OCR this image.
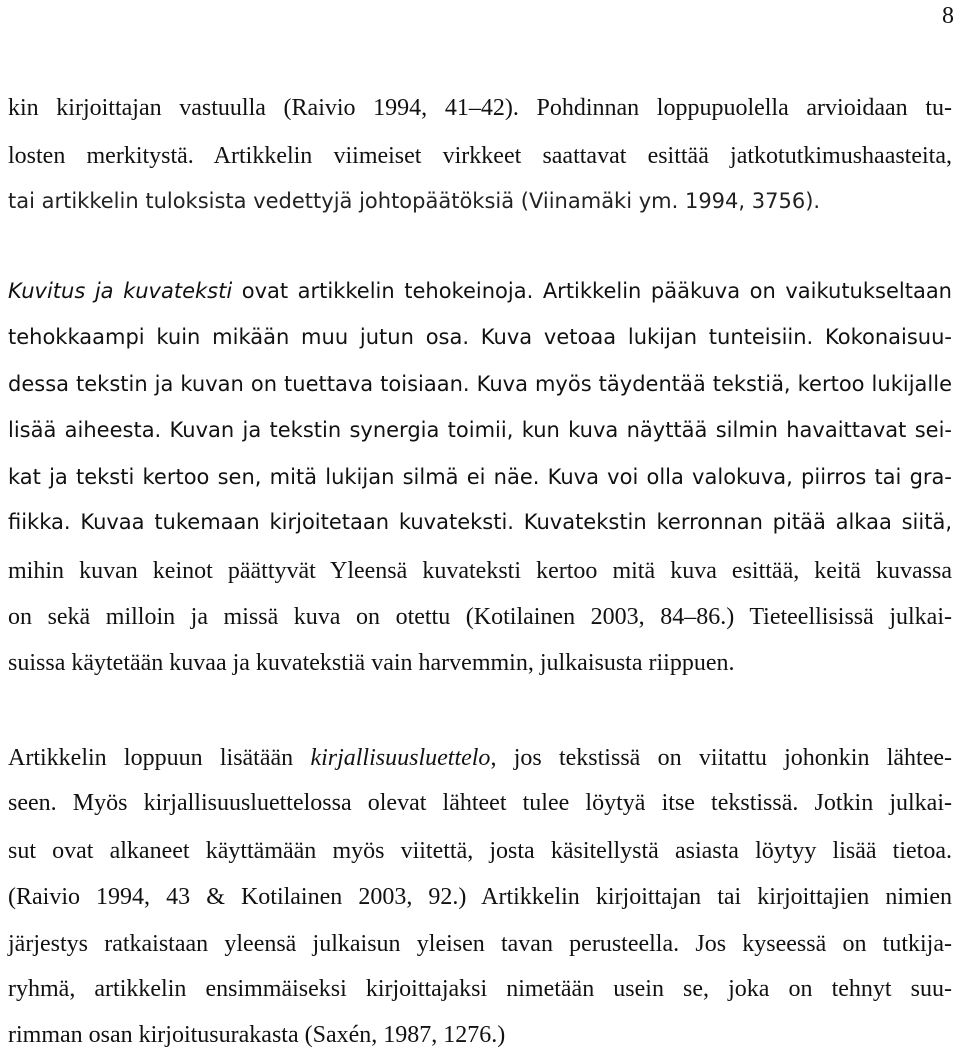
8
kin kirjoittajan vastuulla (Raivio 1994, 41–42). Pohdinnan loppupuolella arvioidaan tu-
losten merkitystä. Artikkelin viimeiset virkkeet saattavat esittää jatkotutkimushaasteita,
tai artikkelin tuloksista vedettyjä johtopäätöksiä (Viinamäki ym. 1994, 3756).
Kuvitus ja kuvateksti ovat artikkelin tehokeinoja. Artikkelin pääkuva on vaikutukseltaan
tehokkaampi kuin mikään muu jutun osa. Kuva vetoaa lukijan tunteisiin. Kokonaisuu-
dessa tekstin ja kuvan on tuettava toisiaan. Kuva myös täydentää tekstiä, kertoo lukijalle
lisää aiheesta. Kuvan ja tekstin synergia toimii, kun kuva näyttää silmin havaittavat sei-
kat ja teksti kertoo sen, mitä lukijan silmä ei näe. Kuva voi olla valokuva, piirros tai gra-
fiikka. Kuvaa tukemaan kirjoitetaan kuvateksti. Kuvatekstin kerronnan pitää alkaa siitä,
mihin kuvan keinot päättyvät Yleensä kuvateksti kertoo mitä kuva esittää, keitä kuvassa
on sekä milloin ja missä kuva on otettu (Kotilainen 2003, 84–86.) Tieteellisissä julkai-
suissa käytetään kuvaa ja kuvatekstiä vain harvemmin, julkaisusta riippuen.
Artikkelin loppuun lisätään kirjallisuusluettelo, jos tekstissä on viitattu johonkin lähtee-
seen. Myös kirjallisuusluettelossa olevat lähteet tulee löytyä itse tekstissä. Jotkin julkai-
sut ovat alkaneet käyttämään myös viitettä, josta käsitellystä asiasta löytyy lisää tietoa.
(Raivio 1994, 43 & Kotilainen 2003, 92.) Artikkelin kirjoittajan tai kirjoittajien nimien
järjestys ratkaistaan yleensä julkaisun yleisen tavan perusteella. Jos kyseessä on tutkija-
ryhmä, artikkelin ensimmäiseksi kirjoittajaksi nimetään usein se, joka on tehnyt suu-
rimman osan kirjoitusurakasta (Saxén, 1987, 1276.)
